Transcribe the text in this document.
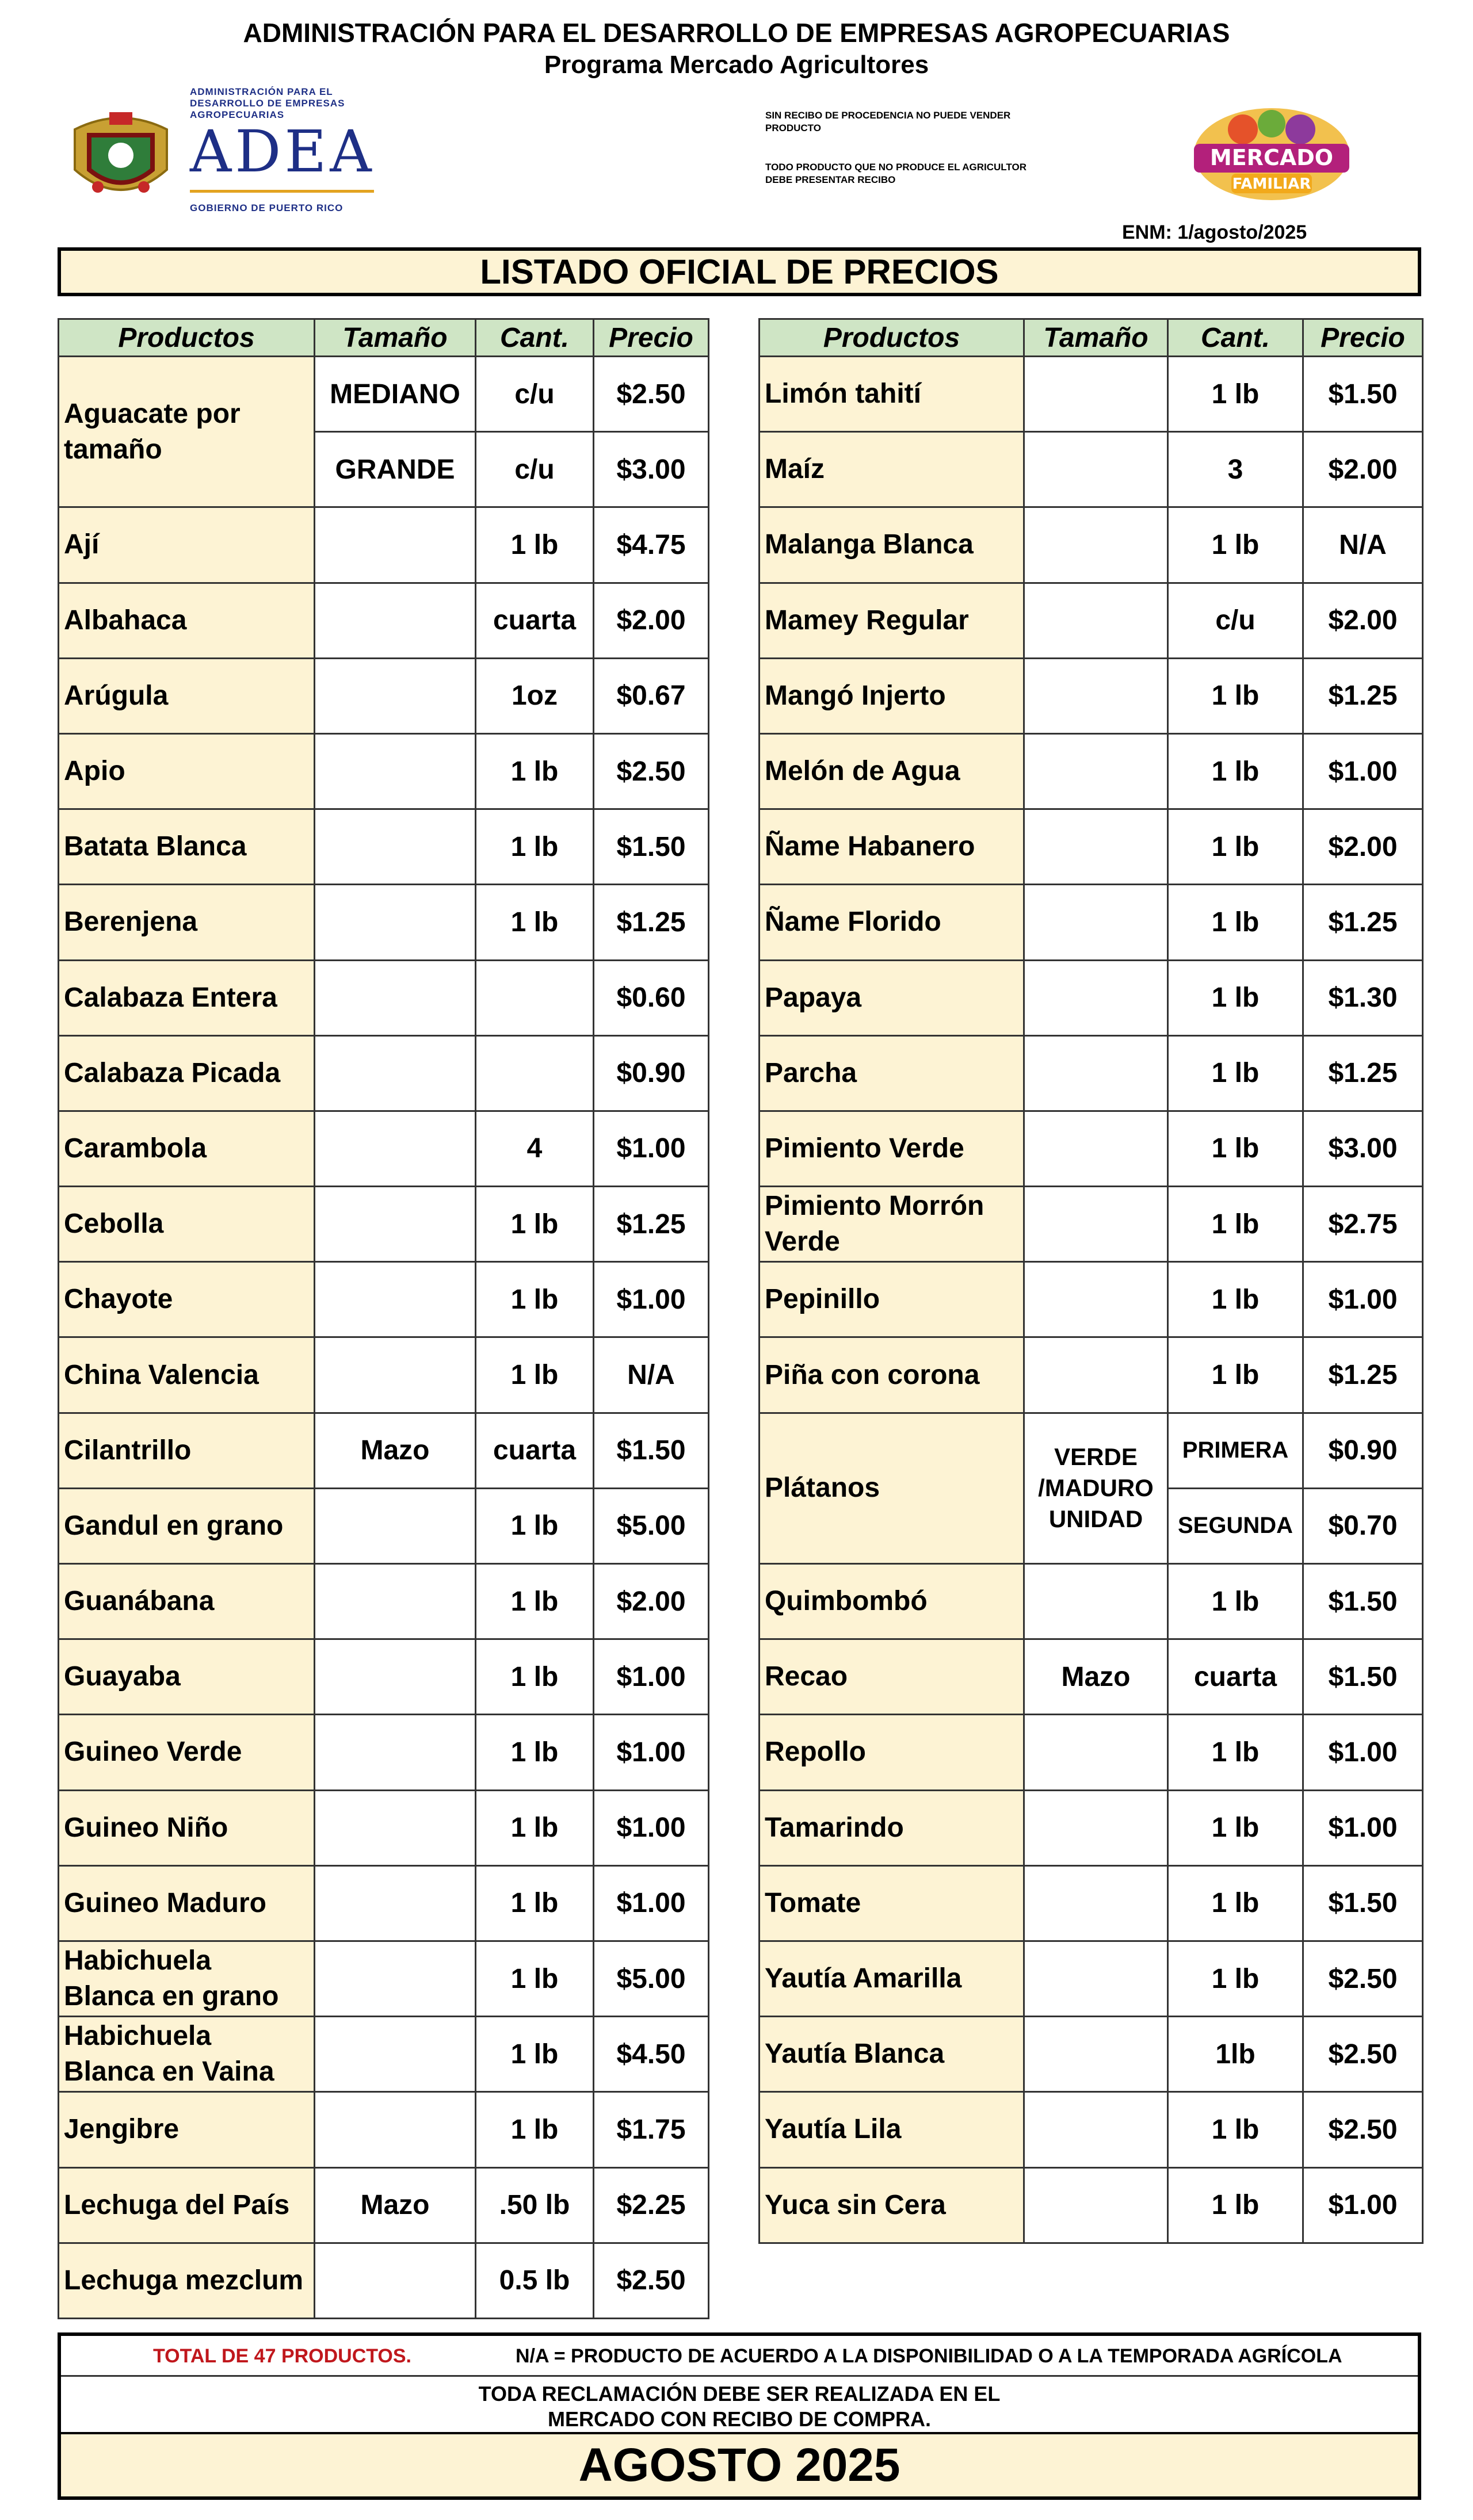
ADMINISTRACIÓN PARA EL DESARROLLO DE EMPRESAS AGROPECUARIAS
Programa Mercado Agricultores
ADMINISTRACIÓN PARA EL DESARROLLO DE EMPRESAS AGROPECUARIAS
ADEA
GOBIERNO DE PUERTO RICO
SIN RECIBO DE PROCEDENCIA NO PUEDE VENDER PRODUCTO
TODO PRODUCTO QUE NO PRODUCE EL AGRICULTOR DEBE PRESENTAR RECIBO
MERCADO
FAMILIAR
ENM: 1/agosto/2025
LISTADO OFICIAL DE PRECIOS
Productos	Tamaño	Cant.	Precio
Aguacate por tamaño	MEDIANO	c/u	$2.50
	GRANDE	c/u	$3.00
Ají		1 lb	$4.75
Albahaca		cuarta	$2.00
Arúgula		1oz	$0.67
Apio		1 lb	$2.50
Batata Blanca		1 lb	$1.50
Berenjena		1 lb	$1.25
Calabaza Entera			$0.60
Calabaza Picada			$0.90
Carambola		4	$1.00
Cebolla		1 lb	$1.25
Chayote		1 lb	$1.00
China Valencia		1 lb	N/A
Cilantrillo	Mazo	cuarta	$1.50
Gandul en grano		1 lb	$5.00
Guanábana		1 lb	$2.00
Guayaba		1 lb	$1.00
Guineo Verde		1 lb	$1.00
Guineo Niño		1 lb	$1.00
Guineo Maduro		1 lb	$1.00
Habichuela Blanca en grano		1 lb	$5.00
Habichuela Blanca en Vaina		1 lb	$4.50
Jengibre		1 lb	$1.75
Lechuga del País	Mazo	.50 lb	$2.25
Lechuga mezclum		0.5 lb	$2.50
Productos	Tamaño	Cant.	Precio
Limón tahití		1 lb	$1.50
Maíz		3	$2.00
Malanga Blanca		1 lb	N/A
Mamey Regular		c/u	$2.00
Mangó Injerto		1 lb	$1.25
Melón de Agua		1 lb	$1.00
Ñame Habanero		1 lb	$2.00
Ñame Florido		1 lb	$1.25
Papaya		1 lb	$1.30
Parcha		1 lb	$1.25
Pimiento Verde		1 lb	$3.00
Pimiento Morrón Verde		1 lb	$2.75
Pepinillo		1 lb	$1.00
Piña con corona		1 lb	$1.25
Plátanos	VERDE /MADURO UNIDAD	PRIMERA	$0.90
		SEGUNDA	$0.70
Quimbombó		1 lb	$1.50
Recao	Mazo	cuarta	$1.50
Repollo		1 lb	$1.00
Tamarindo		1 lb	$1.00
Tomate		1 lb	$1.50
Yautía Amarilla		1 lb	$2.50
Yautía Blanca		1lb	$2.50
Yautía Lila		1 lb	$2.50
Yuca sin Cera		1 lb	$1.00
TOTAL DE 47 PRODUCTOS.	N/A = PRODUCTO DE ACUERDO A LA DISPONIBILIDAD O A LA TEMPORADA AGRÍCOLA
TODA RECLAMACIÓN DEBE SER REALIZADA EN EL
MERCADO CON RECIBO DE COMPRA.
AGOSTO 2025
